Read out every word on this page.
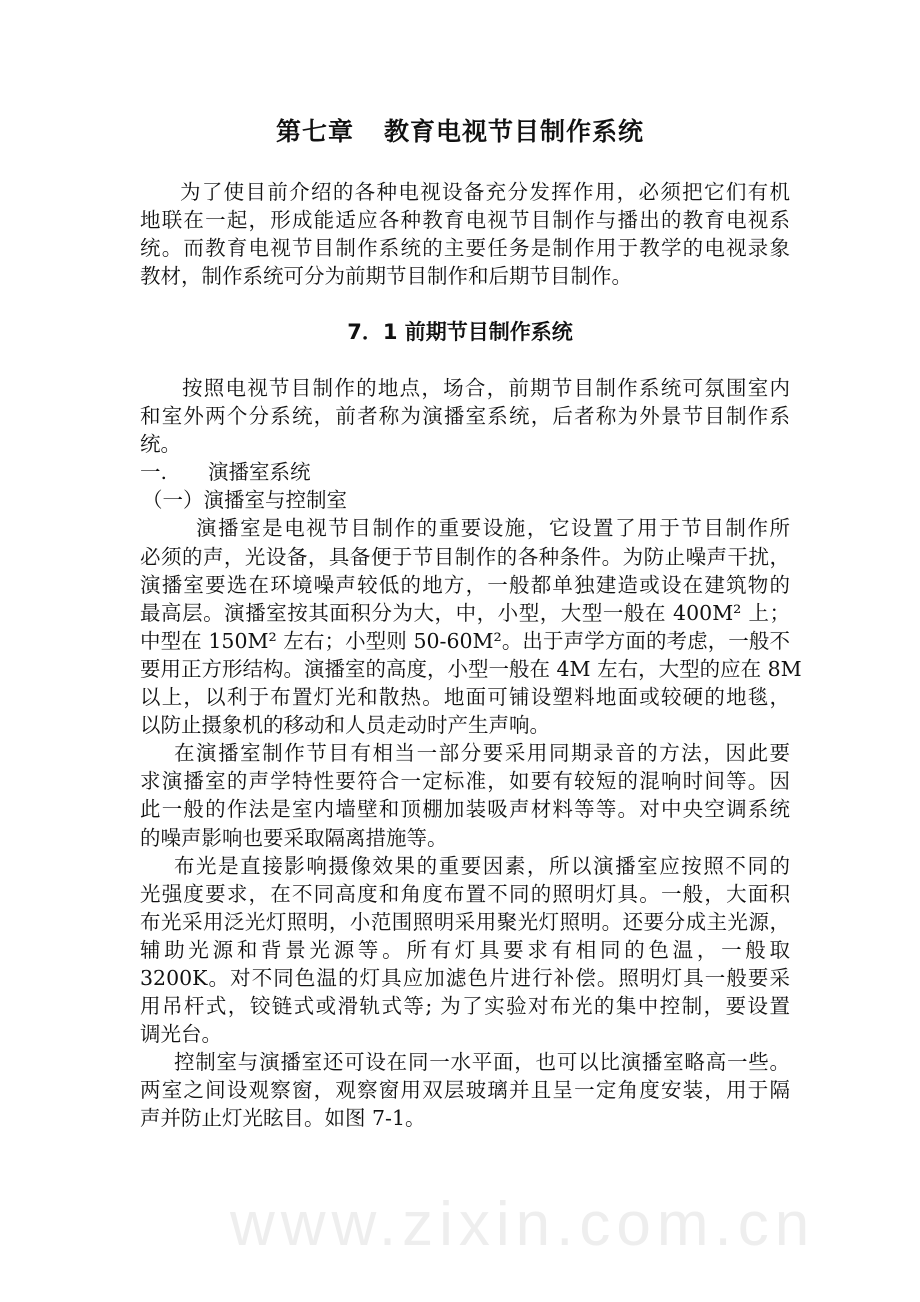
www.zixin.com.cn
第七章 教育电视节目制作系统
为了使目前介绍的各种电视设备充分发挥作用，必须把它们有机
地联在一起，形成能适应各种教育电视节目制作与播出的教育电视系
统。而教育电视节目制作系统的主要任务是制作用于教学的电视录象
教材，制作系统可分为前期节目制作和后期节目制作。
7．1 前期节目制作系统
按照电视节目制作的地点，场合，前期节目制作系统可氛围室内
和室外两个分系统，前者称为演播室系统，后者称为外景节目制作系
统。
一.　　演播室系统
（一）演播室与控制室
演播室是电视节目制作的重要设施，它设置了用于节目制作所
必须的声，光设备，具备便于节目制作的各种条件。为防止噪声干扰，
演播室要选在环境噪声较低的地方，一般都单独建造或设在建筑物的
最高层。演播室按其面积分为大，中，小型，大型一般在 400M² 上；
中型在 150M² 左右；小型则 50-60M²。出于声学方面的考虑，一般不
要用正方形结构。演播室的高度，小型一般在 4M 左右，大型的应在 8M
以上，以利于布置灯光和散热。地面可铺设塑料地面或较硬的地毯，
以防止摄象机的移动和人员走动时产生声响。
在演播室制作节目有相当一部分要采用同期录音的方法，因此要
求演播室的声学特性要符合一定标准，如要有较短的混响时间等。因
此一般的作法是室内墙壁和顶棚加装吸声材料等等。对中央空调系统
的噪声影响也要采取隔离措施等。
布光是直接影响摄像效果的重要因素，所以演播室应按照不同的
光强度要求，在不同高度和角度布置不同的照明灯具。一般，大面积
布光采用泛光灯照明，小范围照明采用聚光灯照明。还要分成主光源，
辅助光源和背景光源等。所有灯具要求有相同的色温，一般取
3200K。对不同色温的灯具应加滤色片进行补偿。照明灯具一般要采
用吊杆式，铰链式或滑轨式等; 为了实验对布光的集中控制，要设置
调光台。
控制室与演播室还可设在同一水平面，也可以比演播室略高一些。
两室之间设观察窗，观察窗用双层玻璃并且呈一定角度安装，用于隔
声并防止灯光眩目。如图 7-1。
